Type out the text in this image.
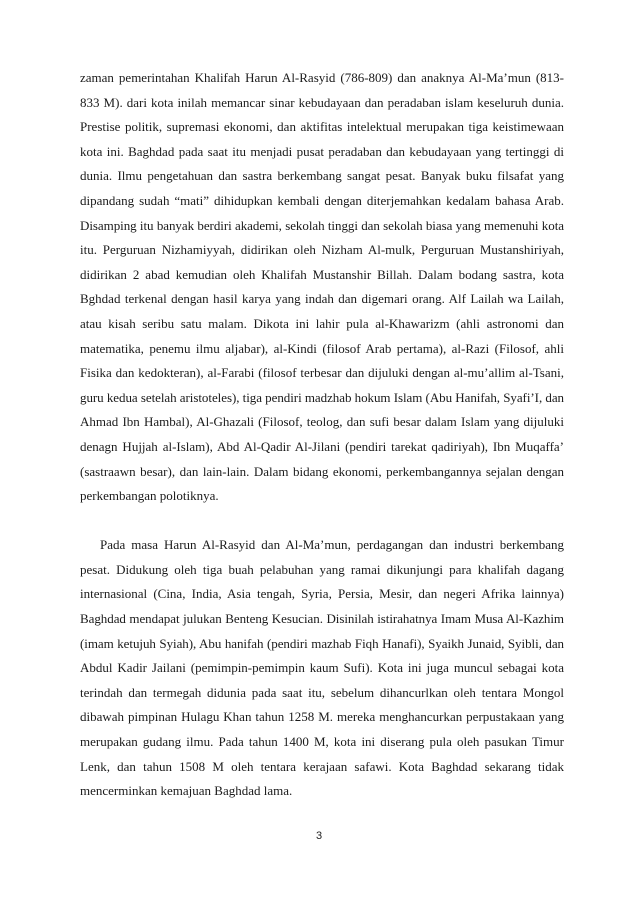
zaman pemerintahan Khalifah Harun Al-Rasyid (786-809) dan anaknya Al-Ma’mun (813-
833 M). dari kota inilah memancar sinar kebudayaan dan peradaban islam keseluruh dunia.
Prestise politik, supremasi ekonomi, dan aktifitas intelektual merupakan tiga keistimewaan
kota ini. Baghdad pada saat itu menjadi pusat peradaban dan kebudayaan yang tertinggi di
dunia. Ilmu pengetahuan dan sastra berkembang sangat pesat. Banyak buku filsafat yang
dipandang sudah “mati” dihidupkan kembali dengan diterjemahkan kedalam bahasa Arab.
Disamping itu banyak berdiri akademi, sekolah tinggi dan sekolah biasa yang memenuhi kota
itu. Perguruan Nizhamiyyah, didirikan oleh Nizham Al-mulk, Perguruan Mustanshiriyah,
didirikan 2 abad kemudian oleh Khalifah Mustanshir Billah. Dalam bodang sastra, kota
Bghdad terkenal dengan hasil karya yang indah dan digemari orang. Alf Lailah wa Lailah,
atau kisah seribu satu malam. Dikota ini lahir pula al-Khawarizm (ahli astronomi dan
matematika, penemu ilmu aljabar), al-Kindi (filosof Arab pertama), al-Razi (Filosof, ahli
Fisika dan kedokteran), al-Farabi (filosof terbesar dan dijuluki dengan al-mu’allim al-Tsani,
guru kedua setelah aristoteles), tiga pendiri madzhab hokum Islam (Abu Hanifah, Syafi’I, dan
Ahmad Ibn Hambal), Al-Ghazali (Filosof, teolog, dan sufi besar dalam Islam yang dijuluki
denagn Hujjah al-Islam), Abd Al-Qadir Al-Jilani (pendiri tarekat qadiriyah), Ibn Muqaffa’
(sastraawn besar), dan lain-lain. Dalam bidang ekonomi, perkembangannya sejalan dengan
perkembangan polotiknya.
Pada masa Harun Al-Rasyid dan Al-Ma’mun, perdagangan dan industri berkembang
pesat. Didukung oleh tiga buah pelabuhan yang ramai dikunjungi para khalifah dagang
internasional (Cina, India, Asia tengah, Syria, Persia, Mesir, dan negeri Afrika lainnya)
Baghdad mendapat julukan Benteng Kesucian. Disinilah istirahatnya Imam Musa Al-Kazhim
(imam ketujuh Syiah), Abu hanifah (pendiri mazhab Fiqh Hanafi), Syaikh Junaid, Syibli, dan
Abdul Kadir Jailani (pemimpin-pemimpin kaum Sufi). Kota ini juga muncul sebagai kota
terindah dan termegah didunia pada saat itu, sebelum dihancurlkan oleh tentara Mongol
dibawah pimpinan Hulagu Khan tahun 1258 M. mereka menghancurkan perpustakaan yang
merupakan gudang ilmu. Pada tahun 1400 M, kota ini diserang pula oleh pasukan Timur
Lenk, dan tahun 1508 M oleh tentara kerajaan safawi. Kota Baghdad sekarang tidak
mencerminkan kemajuan Baghdad lama.
3
